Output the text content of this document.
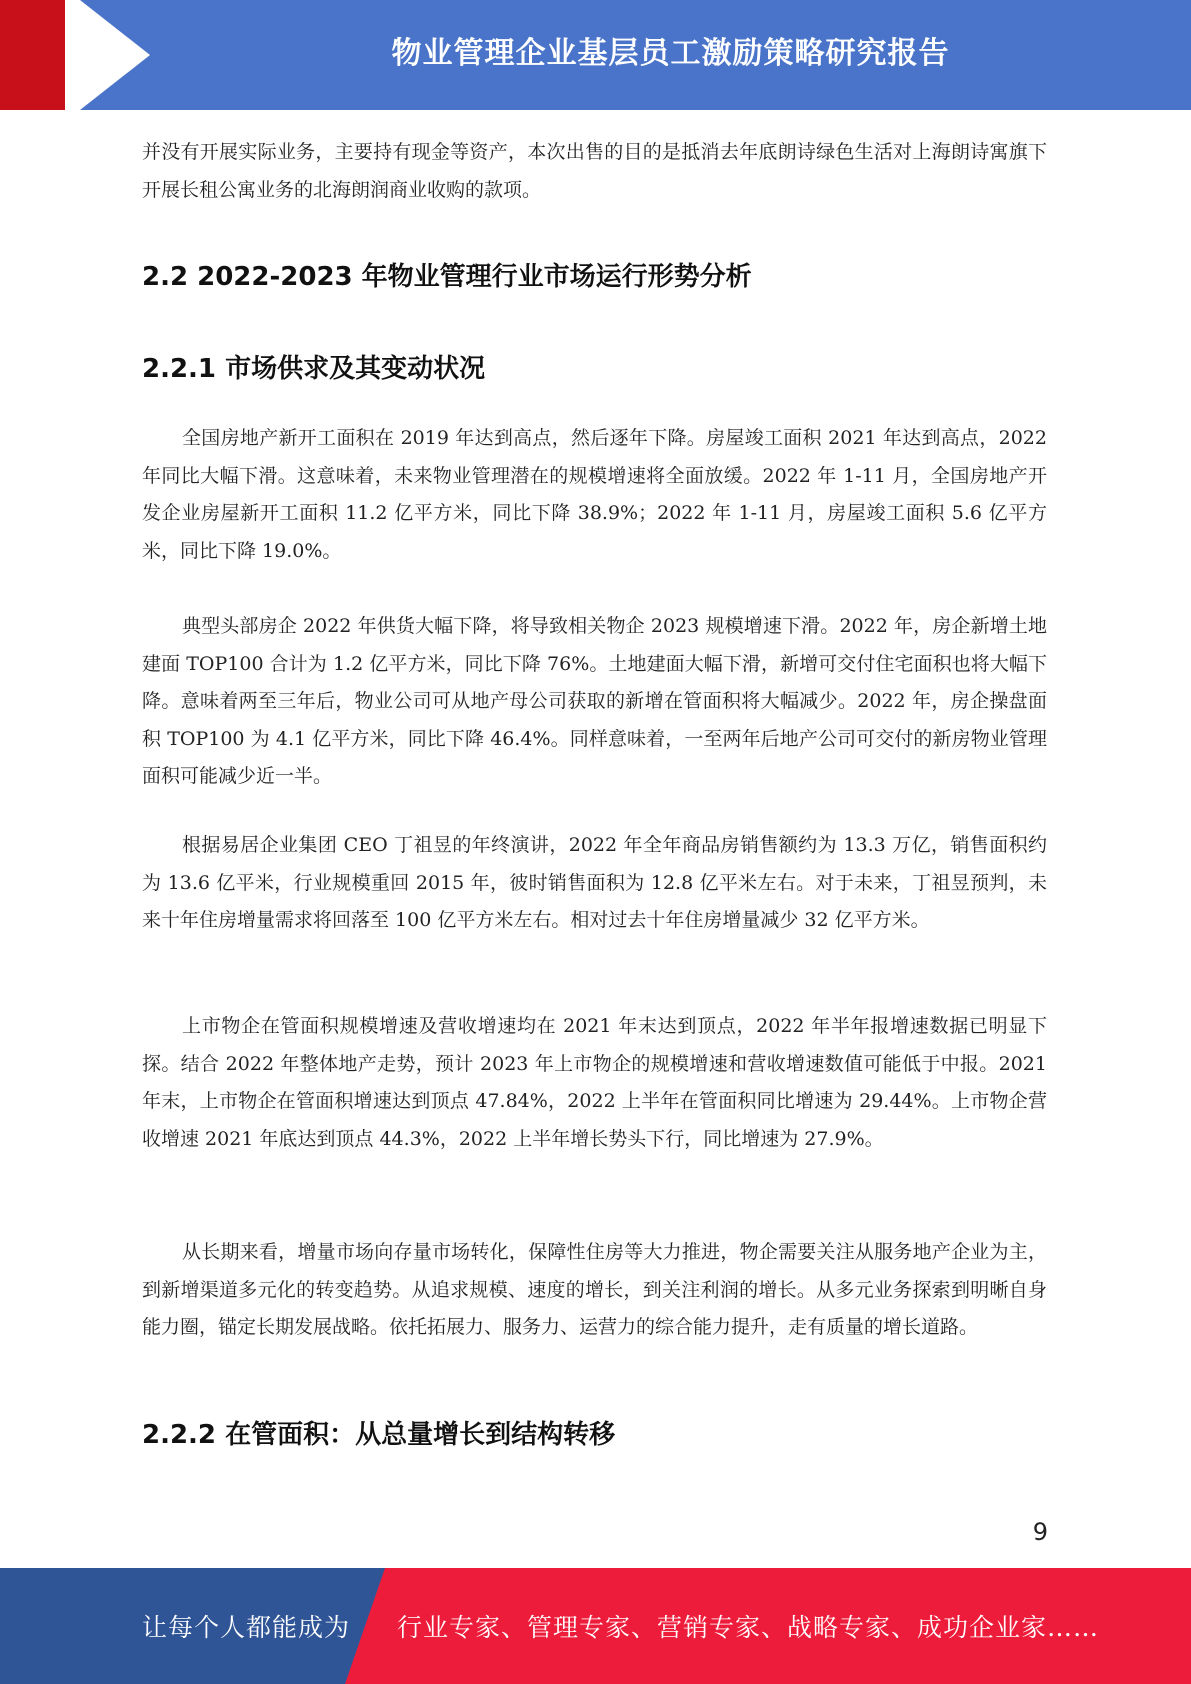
物业管理企业基层员工激励策略研究报告

并没有开展实际业务，主要持有现金等资产，本次出售的目的是抵消去年底朗诗绿色生活对上海朗诗寓旗下开展长租公寓业务的北海朗润商业收购的款项。

2.2 2022-2023 年物业管理行业市场运行形势分析
2.2.1 市场供求及其变动状况

全国房地产新开工面积在 2019 年达到高点，然后逐年下降。房屋竣工面积 2021 年达到高点，2022 年同比大幅下滑。这意味着，未来物业管理潜在的规模增速将全面放缓。2022 年 1-11 月，全国房地产开发企业房屋新开工面积 11.2 亿平方米，同比下降 38.9%；2022 年 1-11 月，房屋竣工面积 5.6 亿平方米，同比下降 19.0%。

典型头部房企 2022 年供货大幅下降，将导致相关物企 2023 规模增速下滑。2022 年，房企新增土地建面 TOP100 合计为 1.2 亿平方米，同比下降 76%。土地建面大幅下滑，新增可交付住宅面积也将大幅下降。意味着两至三年后，物业公司可从地产母公司获取的新增在管面积将大幅减少。2022 年，房企操盘面积 TOP100 为 4.1 亿平方米，同比下降 46.4%。同样意味着，一至两年后地产公司可交付的新房物业管理面积可能减少近一半。

根据易居企业集团 CEO 丁祖昱的年终演讲，2022 年全年商品房销售额约为 13.3 万亿，销售面积约为 13.6 亿平米，行业规模重回 2015 年，彼时销售面积为 12.8 亿平米左右。对于未来，丁祖昱预判，未来十年住房增量需求将回落至 100 亿平方米左右。相对过去十年住房增量减少 32 亿平方米。

上市物企在管面积规模增速及营收增速均在 2021 年末达到顶点，2022 年半年报增速数据已明显下探。结合 2022 年整体地产走势，预计 2023 年上市物企的规模增速和营收增速数值可能低于中报。2021 年末，上市物企在管面积增速达到顶点 47.84%，2022 上半年在管面积同比增速为 29.44%。上市物企营收增速 2021 年底达到顶点 44.3%，2022 上半年增长势头下行，同比增速为 27.9%。

从长期来看，增量市场向存量市场转化，保障性住房等大力推进，物企需要关注从服务地产企业为主，到新增渠道多元化的转变趋势。从追求规模、速度的增长，到关注利润的增长。从多元业务探索到明晰自身能力圈，锚定长期发展战略。依托拓展力、服务力、运营力的综合能力提升，走有质量的增长道路。

2.2.2 在管面积：从总量增长到结构转移
9
让每个人都能成为 行业专家、管理专家、营销专家、战略专家、成功企业家……
